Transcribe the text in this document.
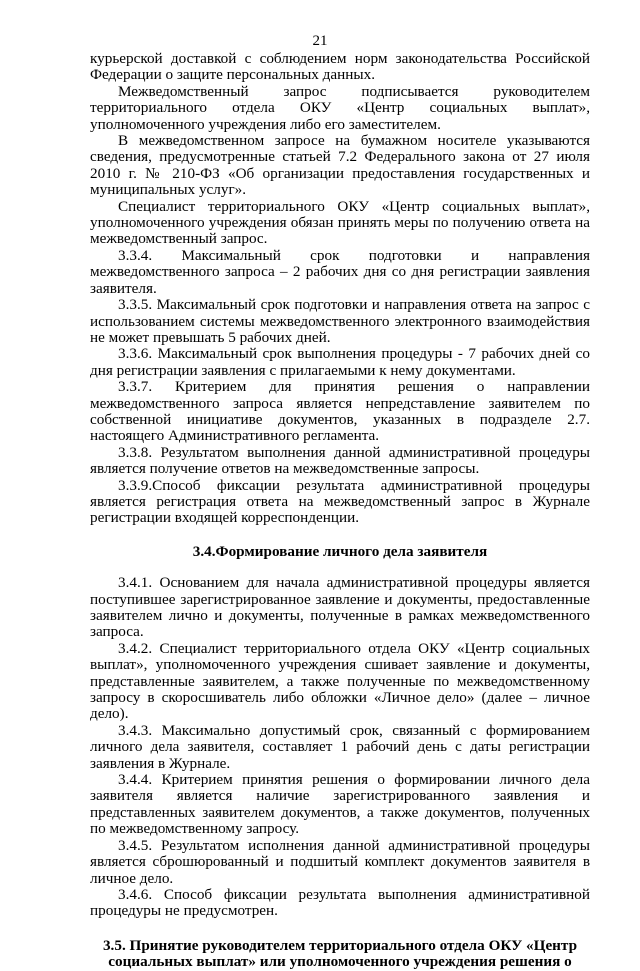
21

курьерской доставкой с соблюдением норм законодательства Российской Федерации о защите персональных данных.

Межведомственный запрос подписывается руководителем территориального отдела ОКУ «Центр социальных выплат», уполномоченного учреждения либо его заместителем.

В межведомственном запросе на бумажном носителе указываются сведения, предусмотренные статьей 7.2 Федерального закона от 27 июля 2010 г. № 210-ФЗ «Об организации предоставления государственных и муниципальных услуг».

Специалист территориального ОКУ «Центр социальных выплат», уполномоченного учреждения обязан принять меры по получению ответа на межведомственный запрос.

3.3.4. Максимальный срок подготовки и направления межведомственного запроса – 2 рабочих дня со дня регистрации заявления заявителя.

3.3.5. Максимальный срок подготовки и направления ответа на запрос с использованием системы межведомственного электронного взаимодействия не может превышать 5 рабочих дней.

3.3.6. Максимальный срок выполнения процедуры - 7 рабочих дней со дня регистрации заявления с прилагаемыми к нему документами.

3.3.7. Критерием для принятия решения о направлении межведомственного запроса является непредставление заявителем по собственной инициативе документов, указанных в подразделе 2.7. настоящего Административного регламента.

3.3.8. Результатом выполнения данной административной процедуры является получение ответов на межведомственные запросы.

3.3.9.Способ фиксации результата административной процедуры является регистрация ответа на межведомственный запрос в Журнале регистрации входящей корреспонденции.

3.4.Формирование личного дела заявителя

3.4.1. Основанием для начала административной процедуры является поступившее зарегистрированное заявление и документы, предоставленные заявителем лично и документы, полученные в рамках межведомственного запроса.

3.4.2. Специалист территориального отдела ОКУ «Центр социальных выплат», уполномоченного учреждения сшивает заявление и документы, представленные заявителем, а также полученные по межведомственному запросу в скоросшиватель либо обложки «Личное дело» (далее – личное дело).

3.4.3. Максимально допустимый срок, связанный с формированием личного дела заявителя, составляет 1 рабочий день с даты регистрации заявления в Журнале.

3.4.4. Критерием принятия решения о формировании личного дела заявителя является наличие зарегистрированного заявления и представленных заявителем документов, а также документов, полученных по межведомственному запросу.

3.4.5. Результатом исполнения данной административной процедуры является сброшюрованный и подшитый комплект документов заявителя в личное дело.

3.4.6. Способ фиксации результата выполнения административной процедуры не предусмотрен.

3.5. Принятие руководителем территориального отдела ОКУ «Центр социальных выплат» или уполномоченного учреждения решения о
